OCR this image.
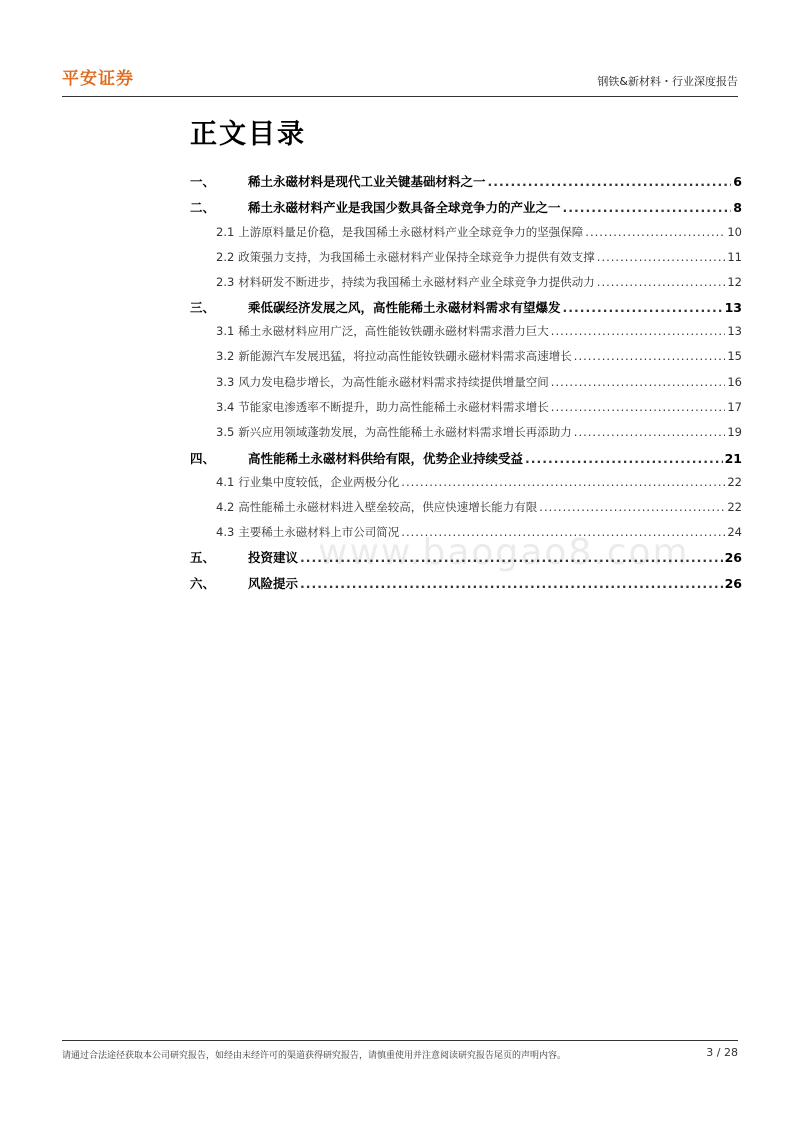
平安证券	钢铁&新材料・行业深度报告
正文目录
www.baogao8.com
一、	稀土永磁材料是现代工业关键基础材料之一 .....	6
二、	稀土永磁材料产业是我国少数具备全球竞争力的产业之一 .....	8
2.1 上游原料量足价稳，是我国稀土永磁材料产业全球竞争力的坚强保障 .....	10
2.2 政策强力支持，为我国稀土永磁材料产业保持全球竞争力提供有效支撑 .....	11
2.3 材料研发不断进步，持续为我国稀土永磁材料产业全球竞争力提供动力 .....	12
三、	乘低碳经济发展之风，高性能稀土永磁材料需求有望爆发 .....	13
3.1 稀土永磁材料应用广泛，高性能钕铁硼永磁材料需求潜力巨大 .....	13
3.2 新能源汽车发展迅猛，将拉动高性能钕铁硼永磁材料需求高速增长 .....	15
3.3 风力发电稳步增长，为高性能永磁材料需求持续提供增量空间 .....	16
3.4 节能家电渗透率不断提升，助力高性能稀土永磁材料需求增长 .....	17
3.5 新兴应用领域蓬勃发展，为高性能稀土永磁材料需求增长再添助力 .....	19
四、	高性能稀土永磁材料供给有限，优势企业持续受益 .....	21
4.1 行业集中度较低，企业两极分化 .....	22
4.2 高性能稀土永磁材料进入壁垒较高，供应快速增长能力有限 .....	22
4.3 主要稀土永磁材料上市公司简况 .....	24
五、	投资建议 .....	26
六、	风险提示 .....	26
请通过合法途径获取本公司研究报告，如经由未经许可的渠道获得研究报告，请慎重使用并注意阅读研究报告尾页的声明内容。	3 / 28
